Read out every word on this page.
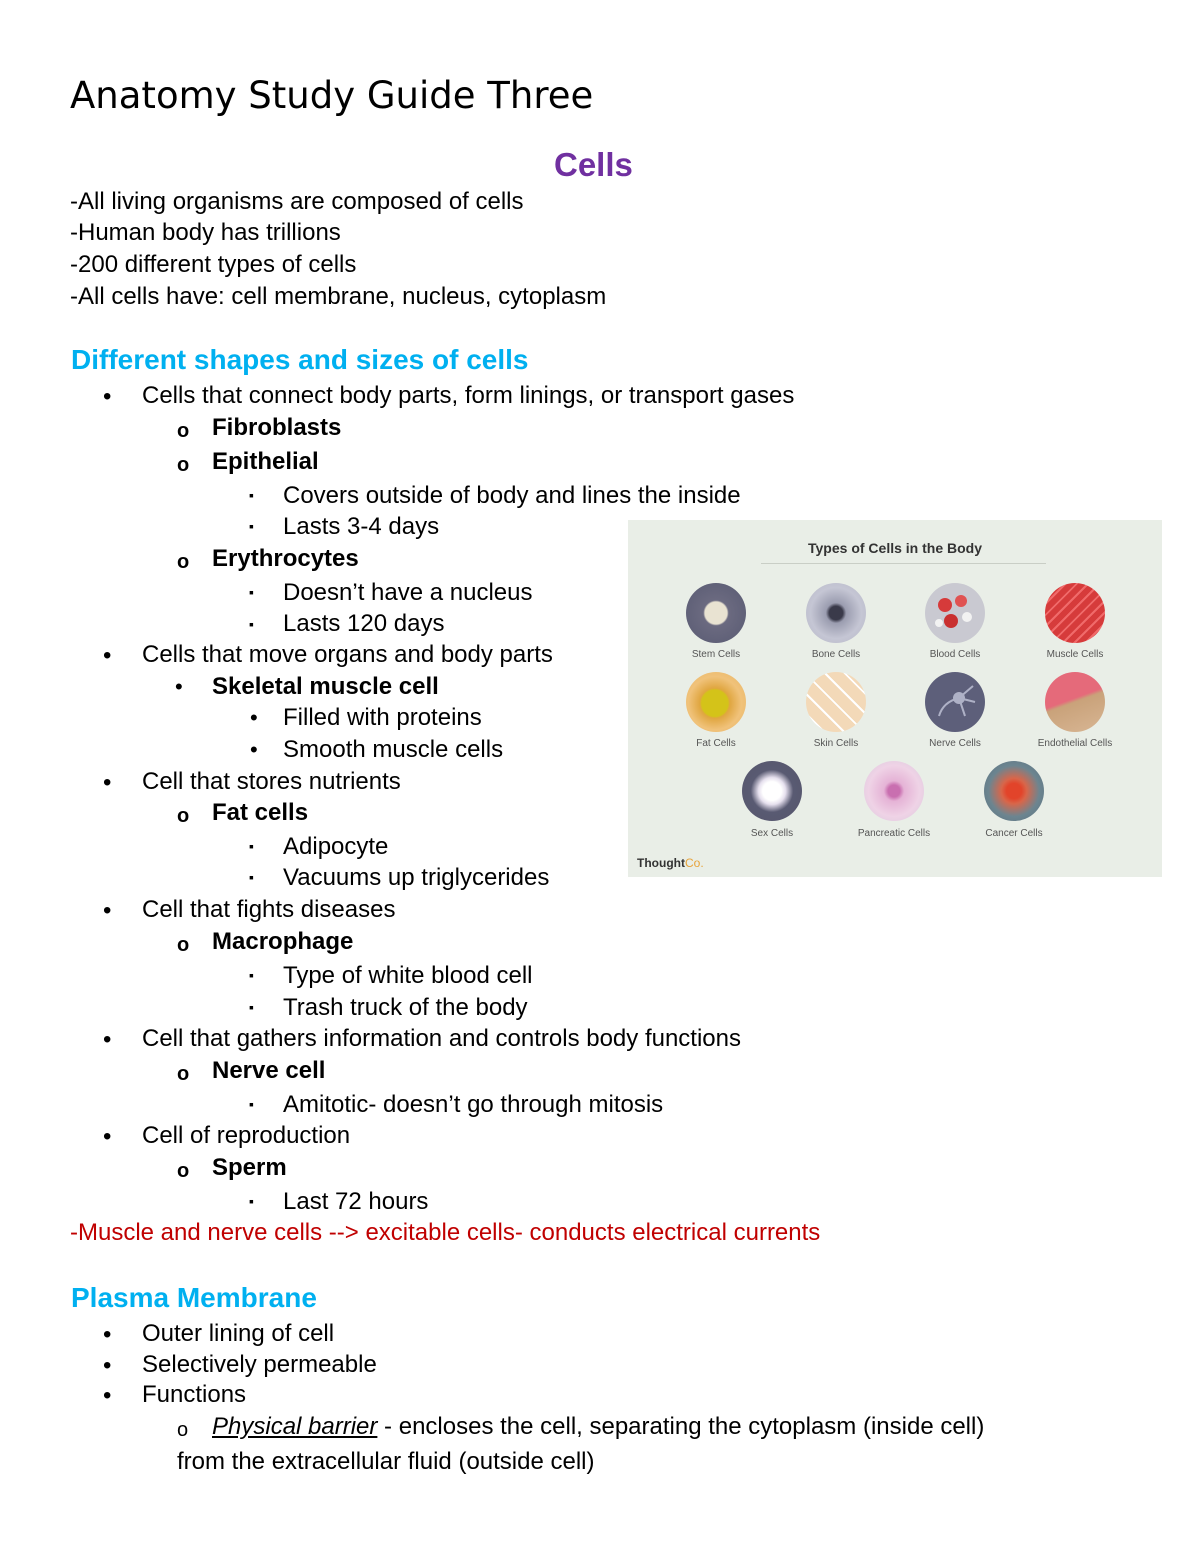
Anatomy Study Guide Three
Cells
-All living organisms are composed of cells
-Human body has trillions
-200 different types of cells
-All cells have: cell membrane, nucleus, cytoplasm
Different shapes and sizes of cells
• Cells that connect body parts, form linings, or transport gases
o Fibroblasts
o Epithelial
▪ Covers outside of body and lines the inside
▪ Lasts 3-4 days
o Erythrocytes
▪ Doesn’t have a nucleus
▪ Lasts 120 days
• Cells that move organs and body parts
• Skeletal muscle cell
• Filled with proteins
• Smooth muscle cells
• Cell that stores nutrients
o Fat cells
▪ Adipocyte
▪ Vacuums up triglycerides
• Cell that fights diseases
o Macrophage
▪ Type of white blood cell
▪ Trash truck of the body
• Cell that gathers information and controls body functions
o Nerve cell
▪ Amitotic- doesn’t go through mitosis
• Cell of reproduction
o Sperm
▪ Last 72 hours
-Muscle and nerve cells --> excitable cells- conducts electrical currents
Plasma Membrane
• Outer lining of cell
• Selectively permeable
• Functions
o Physical barrier - encloses the cell, separating the cytoplasm (inside cell)
from the extracellular fluid (outside cell)
Types of Cells in the Body
Stem Cells	Bone Cells	Blood Cells	Muscle Cells
Fat Cells	Skin Cells	Nerve Cells	Endothelial Cells
Sex Cells	Pancreatic Cells	Cancer Cells
ThoughtCo.
